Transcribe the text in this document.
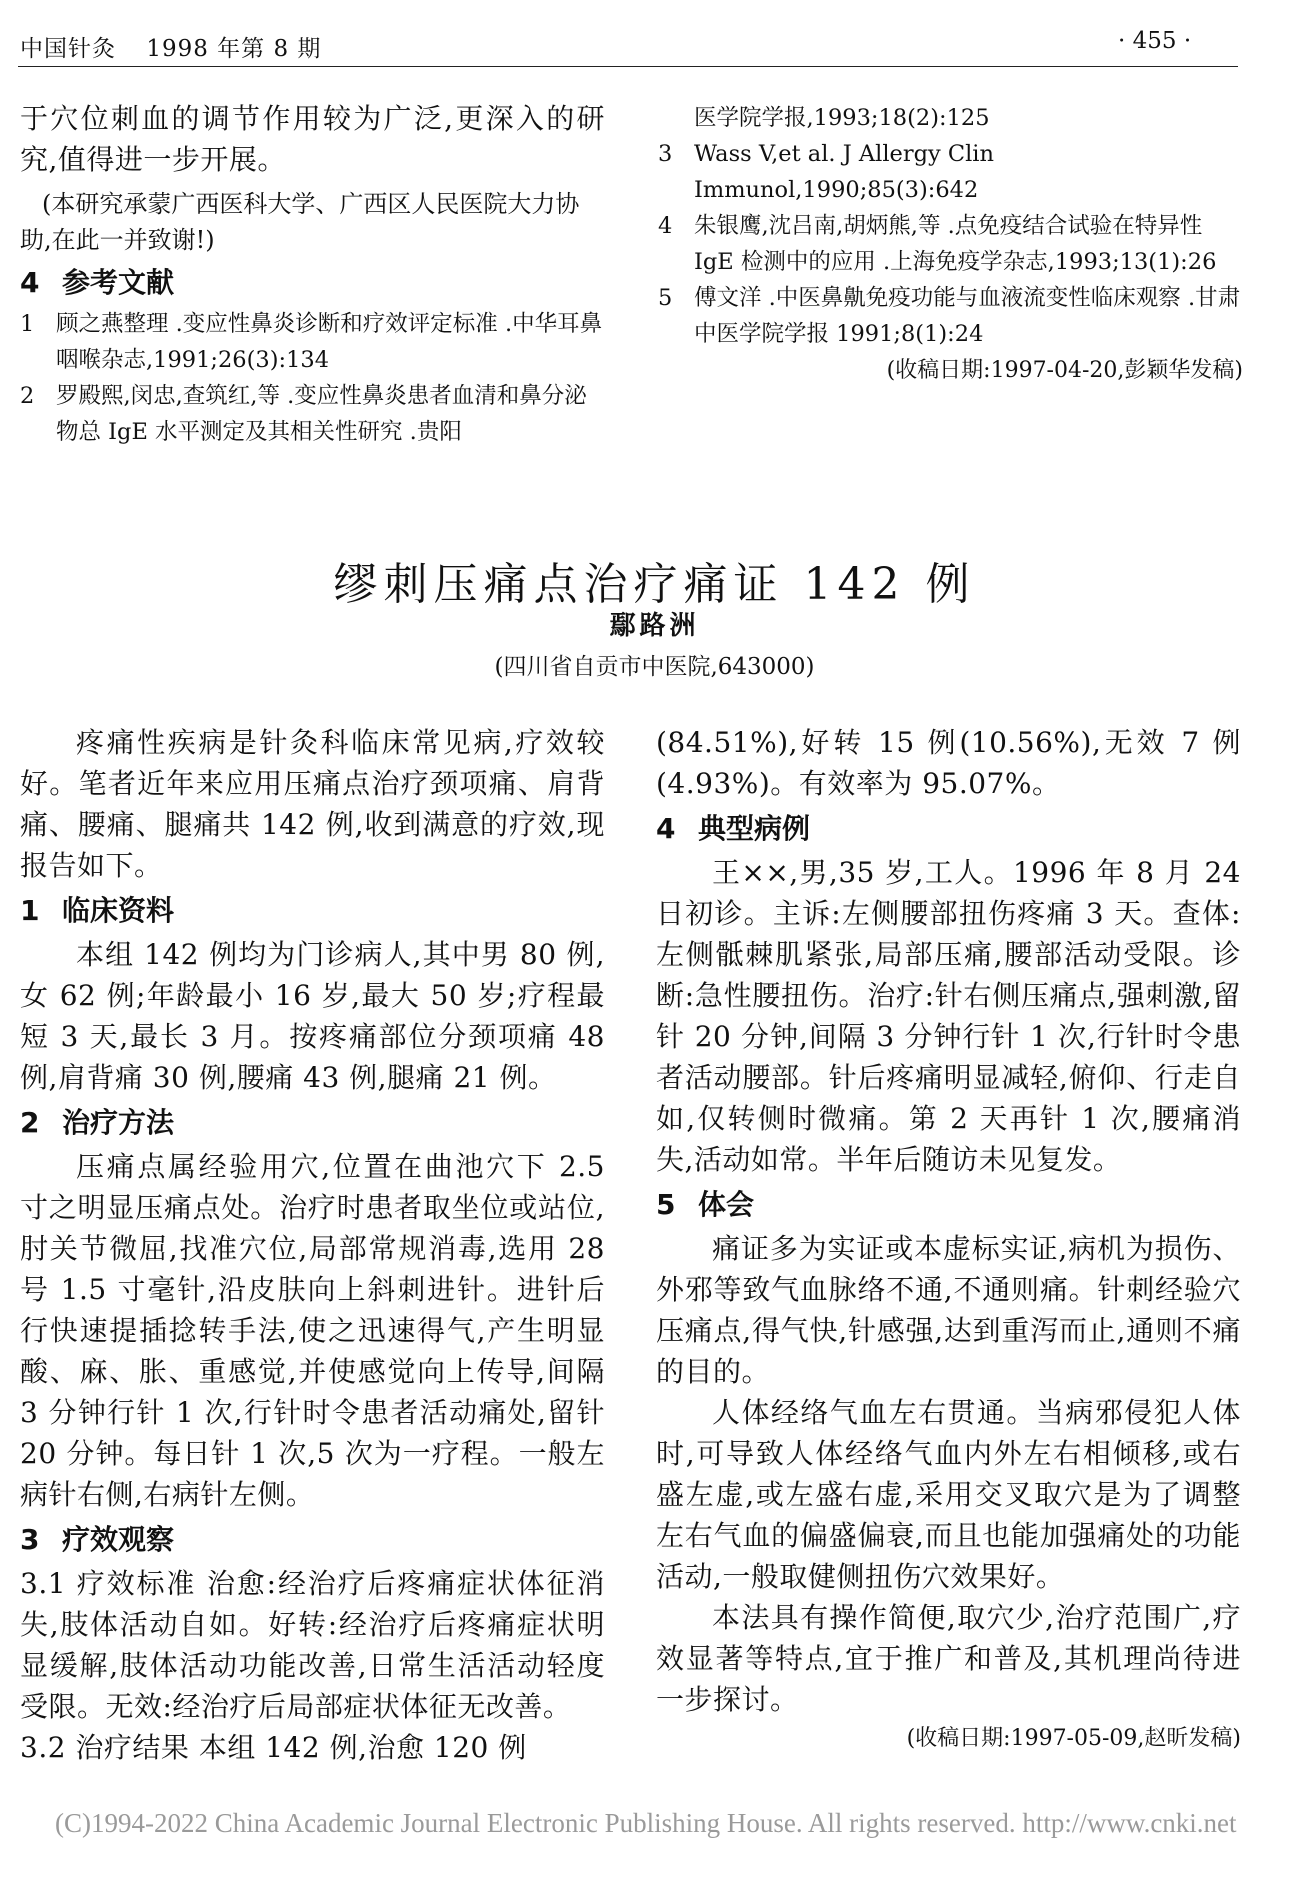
中国针灸 1998 年第 8 期	· 455 ·

于穴位刺血的调节作用较为广泛,更深入的研究,值得进一步开展。

(本研究承蒙广西医科大学、广西区人民医院大力协助,在此一并致谢!)

4 参考文献

1 顾之燕整理 .变应性鼻炎诊断和疗效评定标准 .中华耳鼻咽喉杂志,1991;26(3):134

2 罗殿熙,闵忠,查筑红,等 .变应性鼻炎患者血清和鼻分泌物总 IgE 水平测定及其相关性研究 .贵阳

医学院学报,1993;18(2):125

3 Wass V,et al. J Allergy Clin Immunol,1990;85(3):642

4 朱银鹰,沈吕南,胡炳熊,等 .点免疫结合试验在特异性 IgE 检测中的应用 .上海免疫学杂志,1993;13(1):26

5 傅文洋 .中医鼻鼽免疫功能与血液流变性临床观察 .甘肃中医学院学报 1991;8(1):24

(收稿日期:1997-04-20,彭颖华发稿)

缪刺压痛点治疗痛证 142 例
鄢路洲
(四川省自贡市中医院,643000)

疼痛性疾病是针灸科临床常见病,疗效较好。笔者近年来应用压痛点治疗颈项痛、肩背痛、腰痛、腿痛共 142 例,收到满意的疗效,现报告如下。

1 临床资料

本组 142 例均为门诊病人,其中男 80 例,女 62 例;年龄最小 16 岁,最大 50 岁;疗程最短 3 天,最长 3 月。按疼痛部位分颈项痛 48 例,肩背痛 30 例,腰痛 43 例,腿痛 21 例。

2 治疗方法

压痛点属经验用穴,位置在曲池穴下 2.5 寸之明显压痛点处。治疗时患者取坐位或站位,肘关节微屈,找准穴位,局部常规消毒,选用 28 号 1.5 寸毫针,沿皮肤向上斜刺进针。进针后行快速提插捻转手法,使之迅速得气,产生明显酸、麻、胀、重感觉,并使感觉向上传导,间隔 3 分钟行针 1 次,行针时令患者活动痛处,留针 20 分钟。每日针 1 次,5 次为一疗程。一般左病针右侧,右病针左侧。

3 疗效观察

3.1 疗效标准 治愈:经治疗后疼痛症状体征消失,肢体活动自如。好转:经治疗后疼痛症状明显缓解,肢体活动功能改善,日常生活活动轻度受限。无效:经治疗后局部症状体征无改善。

3.2 治疗结果 本组 142 例,治愈 120 例

(84.51%),好转 15 例(10.56%),无效 7 例(4.93%)。有效率为 95.07%。

4 典型病例

王××,男,35 岁,工人。1996 年 8 月 24 日初诊。主诉:左侧腰部扭伤疼痛 3 天。查体:左侧骶棘肌紧张,局部压痛,腰部活动受限。诊断:急性腰扭伤。治疗:针右侧压痛点,强刺激,留针 20 分钟,间隔 3 分钟行针 1 次,行针时令患者活动腰部。针后疼痛明显减轻,俯仰、行走自如,仅转侧时微痛。第 2 天再针 1 次,腰痛消失,活动如常。半年后随访未见复发。

5 体会

痛证多为实证或本虚标实证,病机为损伤、外邪等致气血脉络不通,不通则痛。针刺经验穴压痛点,得气快,针感强,达到重泻而止,通则不痛的目的。

人体经络气血左右贯通。当病邪侵犯人体时,可导致人体经络气血内外左右相倾移,或右盛左虚,或左盛右虚,采用交叉取穴是为了调整左右气血的偏盛偏衰,而且也能加强痛处的功能活动,一般取健侧扭伤穴效果好。

本法具有操作简便,取穴少,治疗范围广,疗效显著等特点,宜于推广和普及,其机理尚待进一步探讨。

(收稿日期:1997-05-09,赵昕发稿)

(C)1994-2022 China Academic Journal Electronic Publishing House. All rights reserved. http://www.cnki.net
